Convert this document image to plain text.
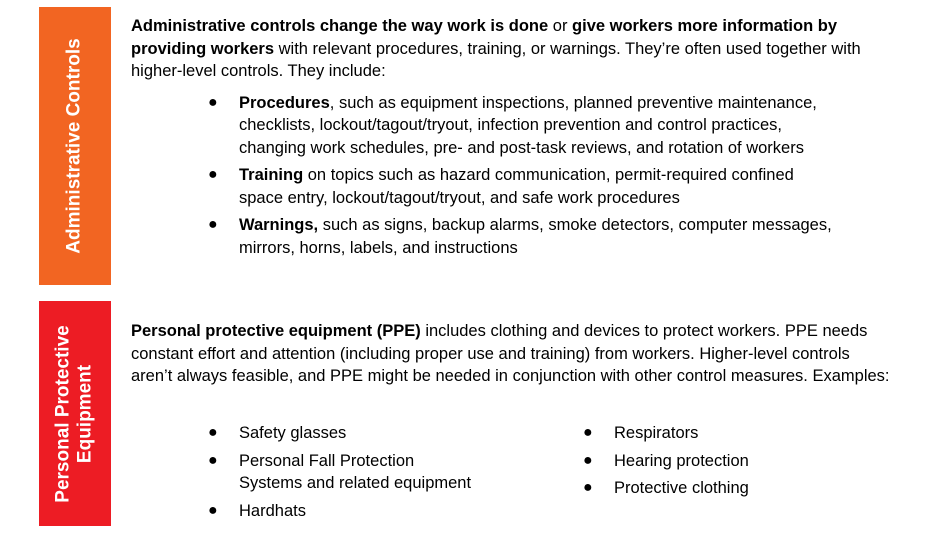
Administrative Controls

Administrative controls change the way work is done or give workers more information by providing workers with relevant procedures, training, or warnings. They’re often used together with higher-level controls. They include:

● Procedures, such as equipment inspections, planned preventive maintenance, checklists, lockout/tagout/tryout, infection prevention and control practices, changing work schedules, pre- and post-task reviews, and rotation of workers
● Training on topics such as hazard communication, permit-required confined space entry, lockout/tagout/tryout, and safe work procedures
● Warnings, such as signs, backup alarms, smoke detectors, computer messages, mirrors, horns, labels, and instructions
Personal Protective Equipment

Personal protective equipment (PPE) includes clothing and devices to protect workers. PPE needs constant effort and attention (including proper use and training) from workers. Higher-level controls aren’t always feasible, and PPE might be needed in conjunction with other control measures. Examples:

● Safety glasses
● Personal Fall Protection
Systems and related equipment
● Hardhats
● Respirators
● Hearing protection
● Protective clothing
